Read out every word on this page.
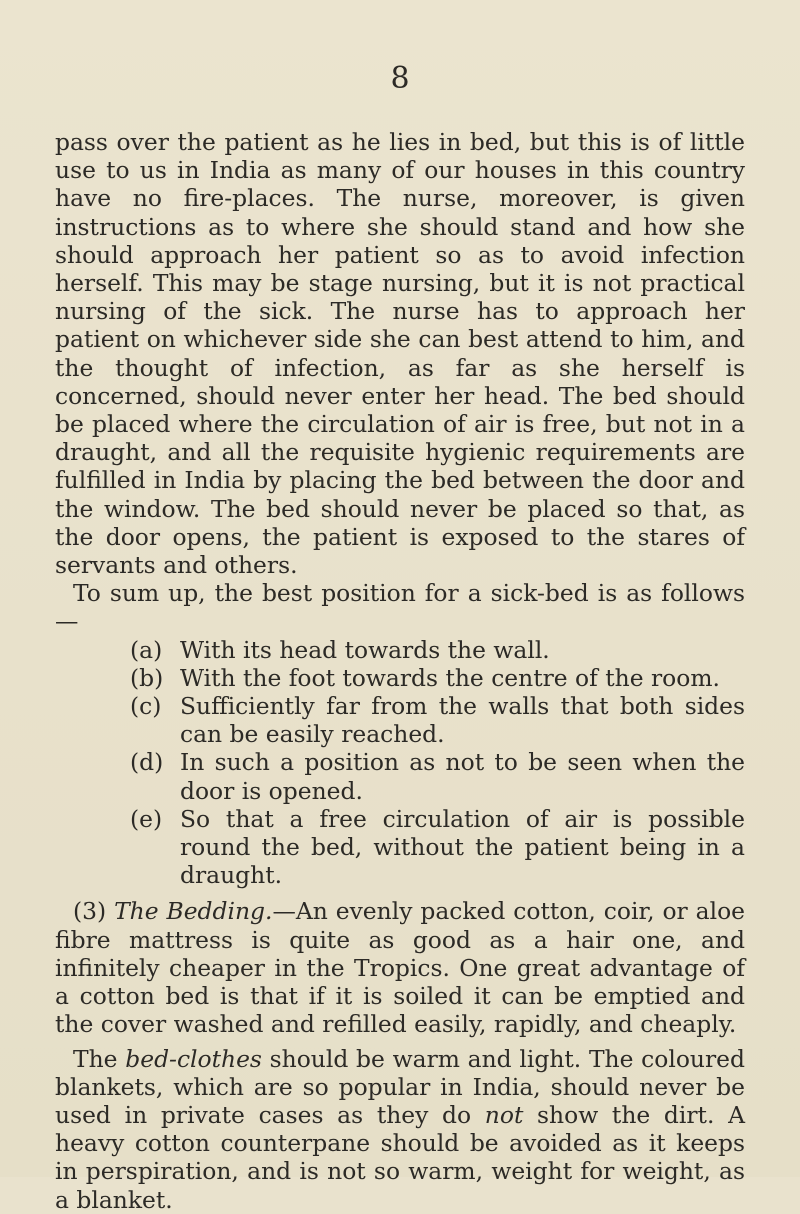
8

pass over the patient as he lies in bed, but this is of little use to us in India as many of our houses in this country have no fire-places. The nurse, moreover, is given instructions as to where she should stand and how she should approach her patient so as to avoid infection herself. This may be stage nursing, but it is not practical nursing of the sick. The nurse has to approach her patient on whichever side she can best attend to him, and the thought of infection, as far as she herself is concerned, should never enter her head. The bed should be placed where the circulation of air is free, but not in a draught, and all the requisite hygienic requirements are fulfilled in India by placing the bed between the door and the window. The bed should never be placed so that, as the door opens, the patient is exposed to the stares of servants and others.

To sum up, the best position for a sick-bed is as follows—

(a) With its head towards the wall.
(b) With the foot towards the centre of the room.
(c) Sufficiently far from the walls that both sides can be easily reached.
(d) In such a position as not to be seen when the door is opened.
(e) So that a free circulation of air is possible round the bed, without the patient being in a draught.

(3) The Bedding.—An evenly packed cotton, coir, or aloe fibre mattress is quite as good as a hair one, and infinitely cheaper in the Tropics. One great advantage of a cotton bed is that if it is soiled it can be emptied and the cover washed and refilled easily, rapidly, and cheaply.

The bed-clothes should be warm and light. The coloured blankets, which are so popular in India, should never be used in private cases as they do not show the dirt. A heavy cotton counterpane should be avoided as it keeps in perspiration, and is not so warm, weight for weight, as a blanket.
